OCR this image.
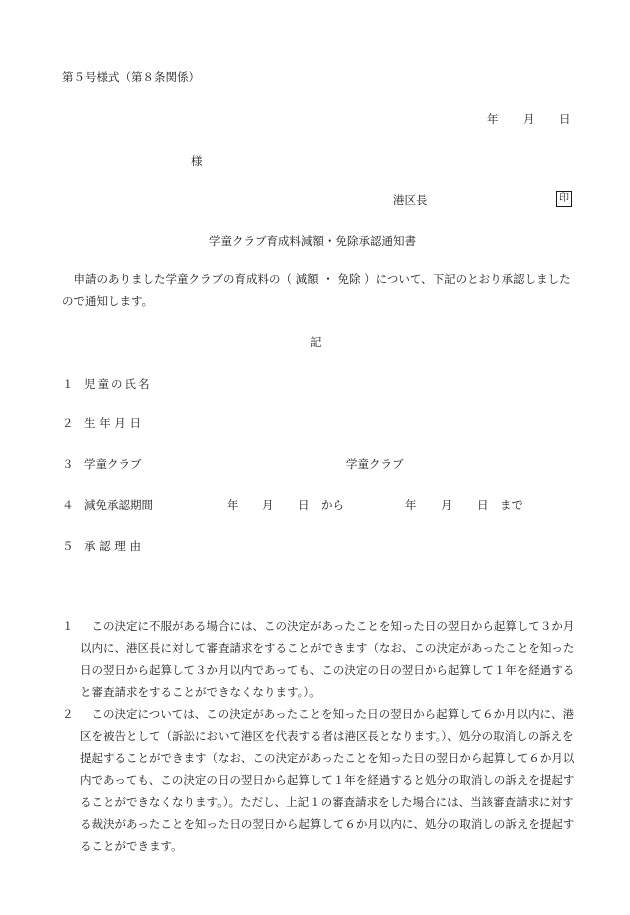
第５号様式（第８条関係）
年 月 日
様
港区長	印
学童クラブ育成料減額・免除承認通知書
申請のありました学童クラブの育成料の（ 減額 ・ 免除 ）について、下記のとおり承認しましたので通知します。
記
１ 児童の氏名
２ 生 年 月 日
３ 学童クラブ	学童クラブ
４ 減免承認期間	年 月 日 から	年 月 日 まで
５ 承 認 理 由
１	この決定に不服がある場合には、この決定があったことを知った日の翌日から起算して３か月以内に、港区長に対して審査請求をすることができます（なお、この決定があったことを知った日の翌日から起算して３か月以内であっても、この決定の日の翌日から起算して１年を経過すると審査請求をすることができなくなります。）。
２	この決定については、この決定があったことを知った日の翌日から起算して６か月以内に、港区を被告として（訴訟において港区を代表する者は港区長となります。）、処分の取消しの訴えを提起することができます（なお、この決定があったことを知った日の翌日から起算して６か月以内であっても、この決定の日の翌日から起算して１年を経過すると処分の取消しの訴えを提起することができなくなります。）。ただし、上記１の審査請求をした場合には、当該審査請求に対する裁決があったことを知った日の翌日から起算して６か月以内に、処分の取消しの訴えを提起することができます。
